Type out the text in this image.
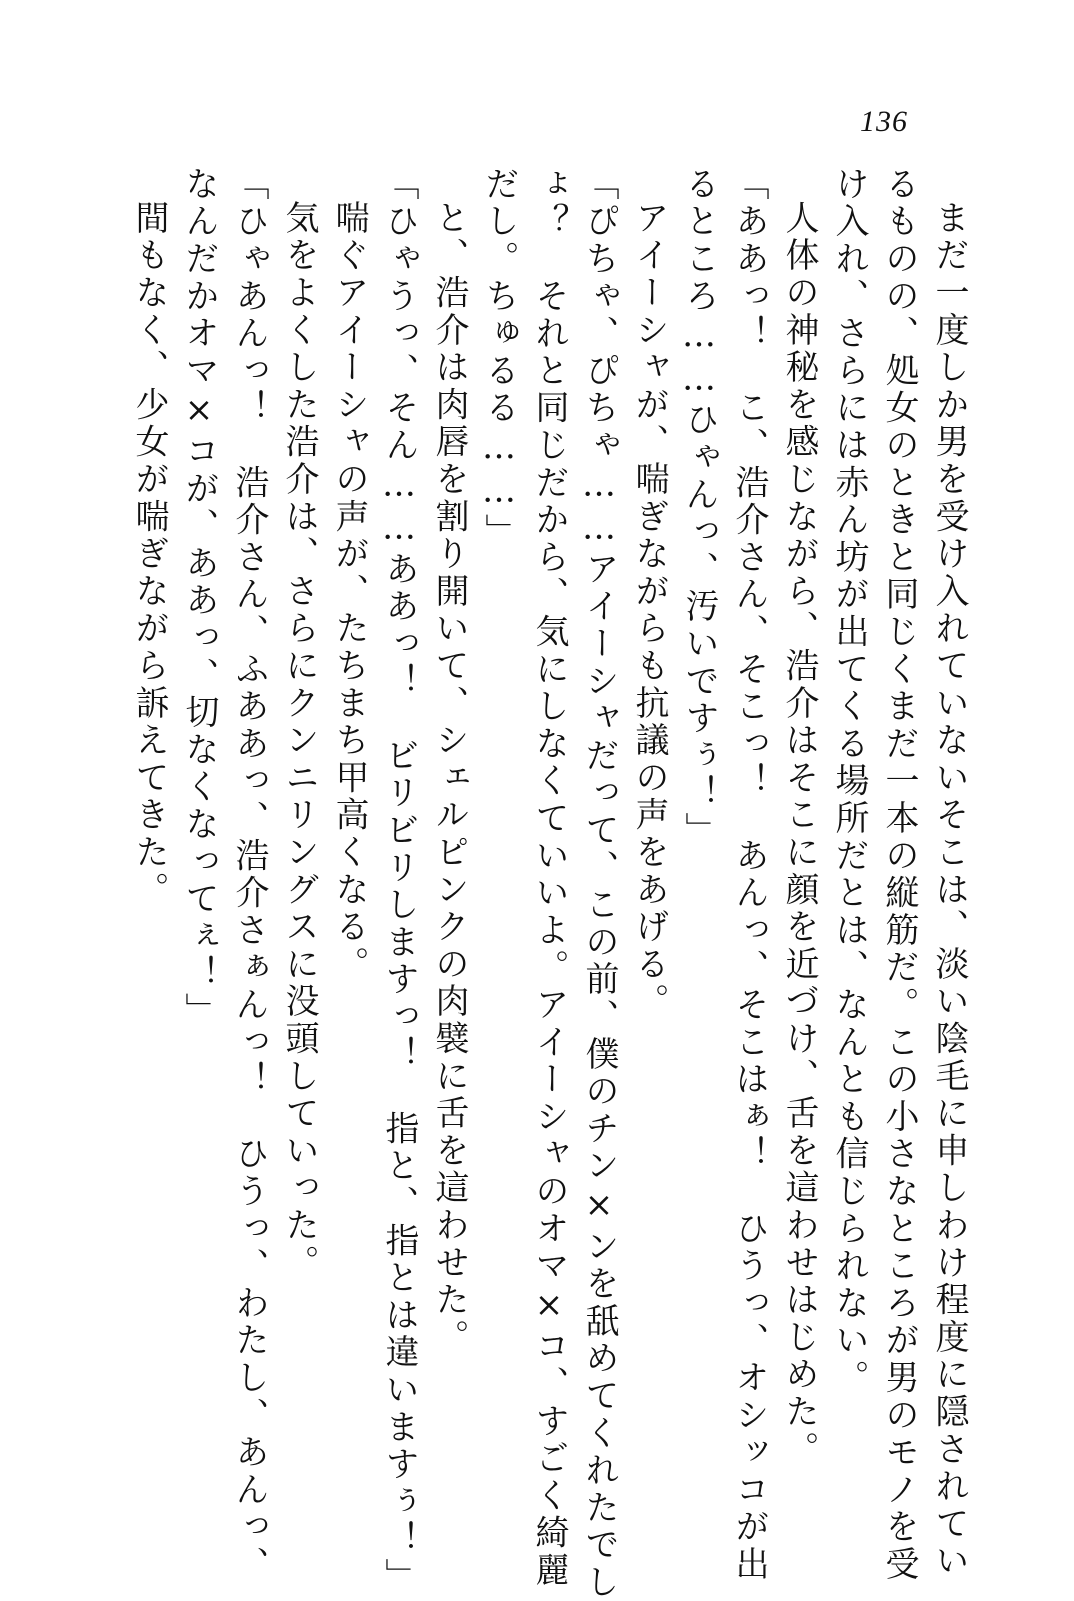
136
まだ一度しか男を受け入れていないそこは、淡い陰毛に申しわけ程度に隠されてい
るものの、処女のときと同じくまだ一本の縦筋だ。この小さなところが男のモノを受
け入れ、さらには赤ん坊が出てくる場所だとは、なんとも信じられない。
人体の神秘を感じながら、浩介はそこに顔を近づけ、舌を這わせはじめた。
「ああっ！　こ、浩介さん、そこっ！　あんっ、そこはぁ！　ひうっ、オシッコが出
るところ……ひゃんっ、汚いですぅ！」
アイーシャが、喘ぎながらも抗議の声をあげる。
「ぴちゃ、ぴちゃ……アイーシャだって、この前、僕のチン×ンを舐めてくれたでし
ょ？　それと同じだから、気にしなくていいよ。アイーシャのオマ×コ、すごく綺麗
だし。ちゅるる……」
と、浩介は肉唇を割り開いて、シェルピンクの肉襞に舌を這わせた。
「ひゃうっ、そん……ああっ！　ビリビリしますっ！　指と、指とは違いますぅ！」
喘ぐアイーシャの声が、たちまち甲高くなる。
気をよくした浩介は、さらにクンニリングスに没頭していった。
「ひゃあんっ！　浩介さん、ふああっ、浩介さぁんっ！　ひうっ、わたし、あんっ、
なんだかオマ×コが、ああっ、切なくなってぇ！」
間もなく、少女が喘ぎながら訴えてきた。
